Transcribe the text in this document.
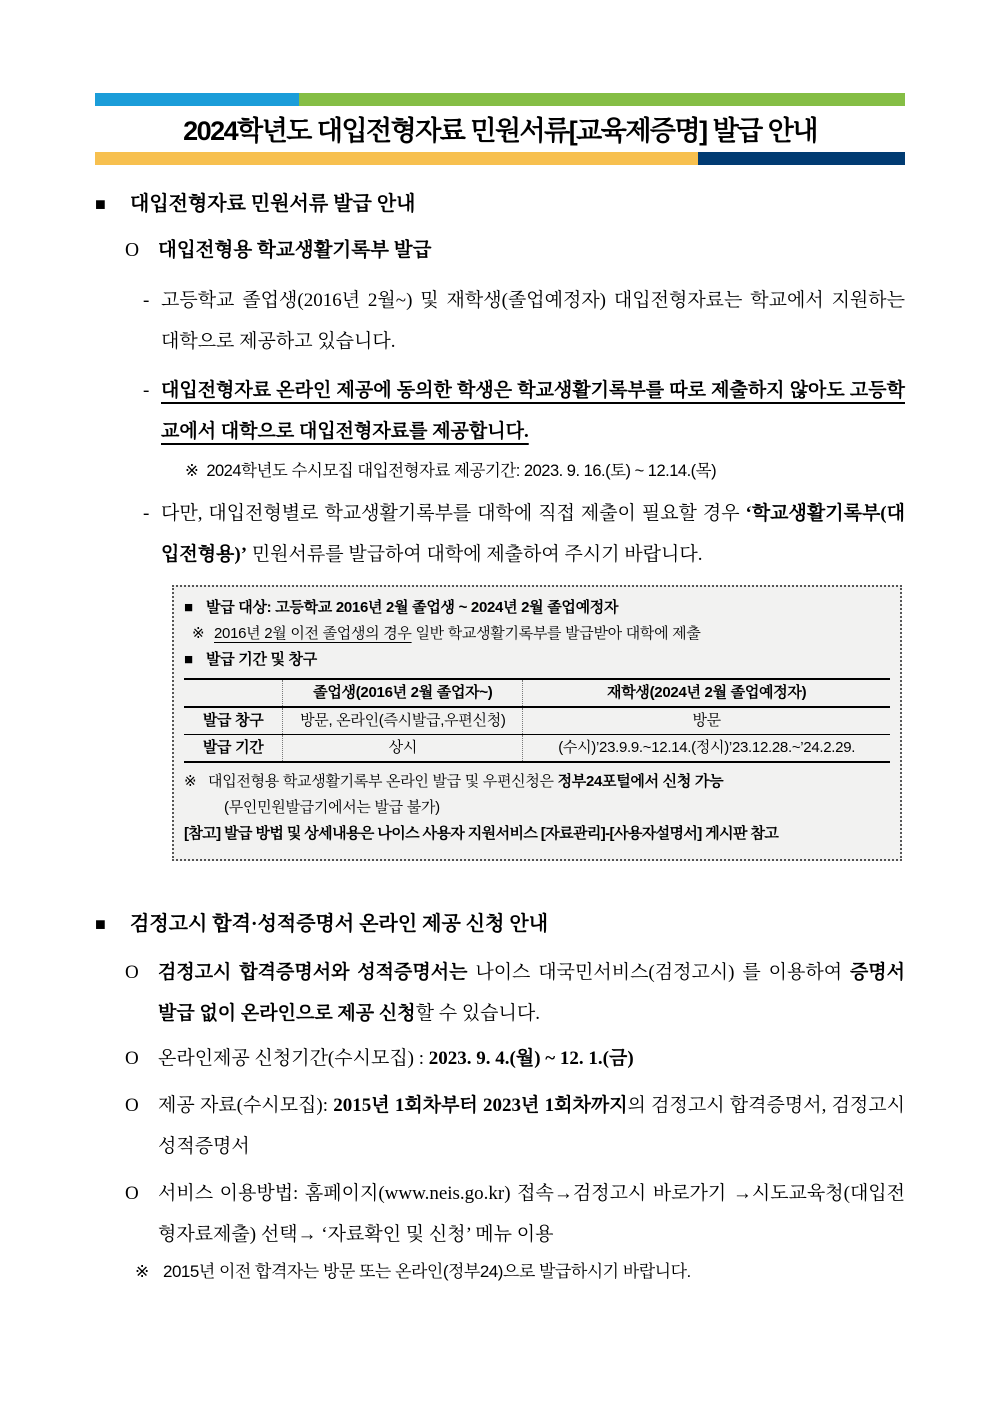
2024학년도 대입전형자료 민원서류[교육제증명] 발급 안내
■	대입전형자료 민원서류 발급 안내
O 대입전형용 학교생활기록부 발급
- 고등학교 졸업생(2016년 2월~) 및 재학생(졸업예정자) 대입전형자료는 학교에서 지원하는 대학으로 제공하고 있습니다.
- 대입전형자료 온라인 제공에 동의한 학생은 학교생활기록부를 따로 제출하지 않아도 고등학교에서 대학으로 대입전형자료를 제공합니다.
※ 2024학년도 수시모집 대입전형자료 제공기간: 2023. 9. 16.(토) ~ 12.14.(목)
- 다만, 대입전형별로 학교생활기록부를 대학에 직접 제출이 필요할 경우 ‘학교생활기록부(대입전형용)’ 민원서류를 발급하여 대학에 제출하여 주시기 바랍니다.
■ 발급 대상: 고등학교 2016년 2월 졸업생 ~ 2024년 2월 졸업예정자
※ 2016년 2월 이전 졸업생의 경우 일반 학교생활기록부를 발급받아 대학에 제출
■ 발급 기간 및 창구
	졸업생(2016년 2월 졸업자~)	재학생(2024년 2월 졸업예정자)
발급 창구	방문, 온라인(즉시발급,우편신청)	방문
발급 기간	상시	(수시)’23.9.9.~12.14.(정시)’23.12.28.~’24.2.29.
※ 대입전형용 학교생활기록부 온라인 발급 및 우편신청은 정부24포털에서 신청 가능
(무인민원발급기에서는 발급 불가)
[참고] 발급 방법 및 상세내용은 나이스 사용자 지원서비스 [자료관리]-[사용자설명서] 게시판 참고
■	검정고시 합격·성적증명서 온라인 제공 신청 안내
O	검정고시 합격증명서와 성적증명서는 나이스 대국민서비스(검정고시) 를 이용하여 증명서 발급 없이 온라인으로 제공 신청할 수 있습니다.
O	온라인제공 신청기간(수시모집) : 2023. 9. 4.(월) ~ 12. 1.(금)
O	제공 자료(수시모집): 2015년 1회차부터 2023년 1회차까지의 검정고시 합격증명서, 검정고시 성적증명서
O	서비스 이용방법: 홈페이지(www.neis.go.kr) 접속→검정고시 바로가기 →시도교육청(대입전형자료제출) 선택→ ‘자료확인 및 신청’ 메뉴 이용
※ 2015년 이전 합격자는 방문 또는 온라인(정부24)으로 발급하시기 바랍니다.
